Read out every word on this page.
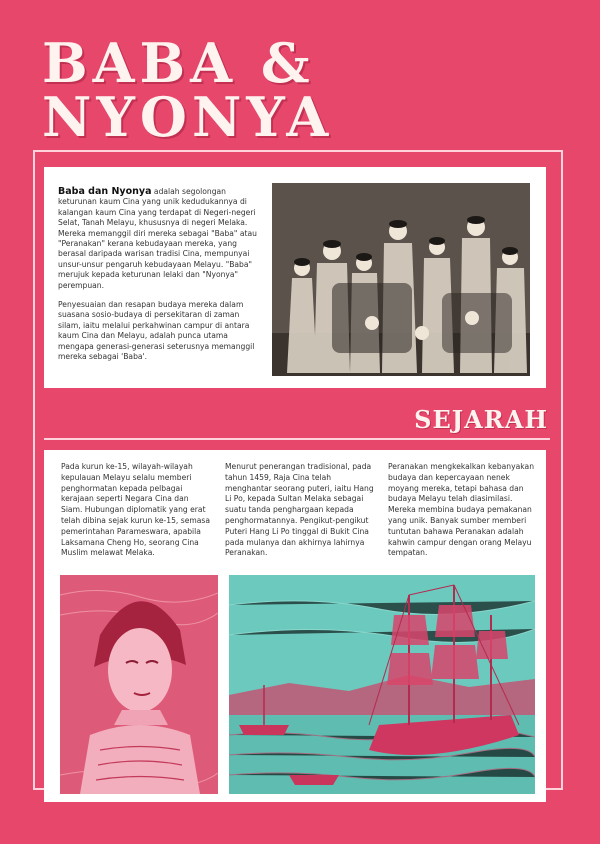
BABA &
NYONYA

Baba dan Nyonya adalah segolongan keturunan kaum Cina yang unik kedudukannya di kalangan kaum Cina yang terdapat di Negeri-negeri Selat, Tanah Melayu, khususnya di negeri Melaka. Mereka memanggil diri mereka sebagai "Baba" atau "Peranakan" kerana kebudayaan mereka, yang berasal daripada warisan tradisi Cina, mempunyai unsur-unsur pengaruh kebudayaan Melayu. "Baba" merujuk kepada keturunan lelaki dan "Nyonya" perempuan.

Penyesuaian dan resapan budaya mereka dalam suasana sosio-budaya di persekitaran di zaman silam, iaitu melalui perkahwinan campur di antara kaum Cina dan Melayu, adalah punca utama mengapa generasi-generasi seterusnya memanggil mereka sebagai 'Baba'.

SEJARAH
Pada kurun ke-15, wilayah-wilayah kepulauan Melayu selalu memberi penghormatan kepada pelbagai kerajaan seperti Negara Cina dan Siam. Hubungan diplomatik yang erat telah dibina sejak kurun ke-15, semasa pemerintahan Parameswara, apabila Laksamana Cheng Ho, seorang Cina Muslim melawat Melaka.
Menurut penerangan tradisional, pada tahun 1459, Raja Cina telah menghantar seorang puteri, iaitu Hang Li Po, kepada Sultan Melaka sebagai suatu tanda penghargaan kepada penghormatannya. Pengikut-pengikut Puteri Hang Li Po tinggal di Bukit Cina pada mulanya dan akhirnya lahirnya Peranakan.
Peranakan mengkekalkan kebanyakan budaya dan kepercayaan nenek moyang mereka, tetapi bahasa dan budaya Melayu telah diasimilasi. Mereka membina budaya pemakanan yang unik. Banyak sumber memberi tuntutan bahawa Peranakan adalah kahwin campur dengan orang Melayu tempatan.
